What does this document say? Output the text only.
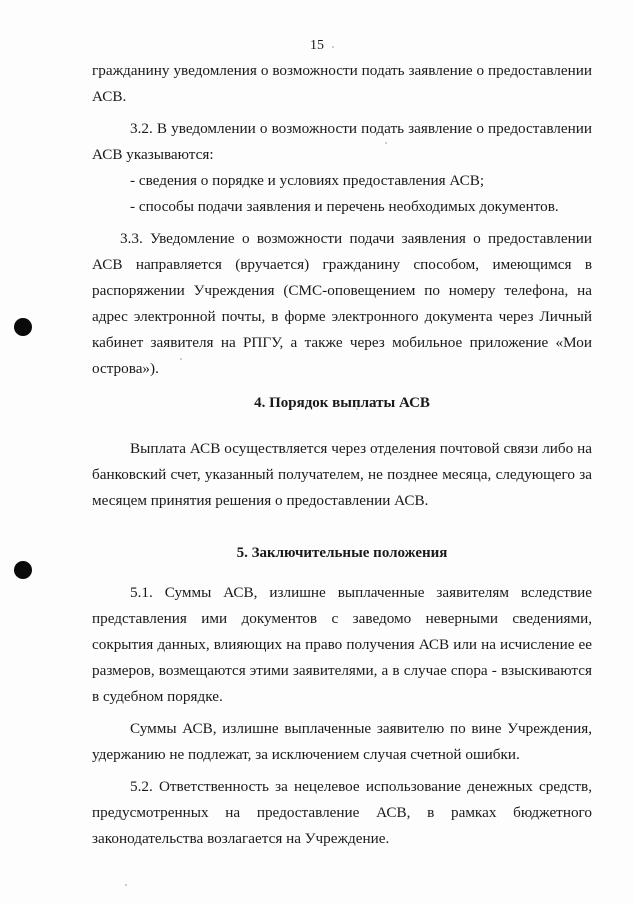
15

гражданину уведомления о возможности подать заявление о предоставлении АСВ.

3.2. В уведомлении о возможности подать заявление о предоставлении АСВ указываются:

- сведения о порядке и условиях предоставления АСВ;

- способы подачи заявления и перечень необходимых документов.

3.3. Уведомление о возможности подачи заявления о предоставлении АСВ направляется (вручается) гражданину способом, имеющимся в распоряжении Учреждения (СМС-оповещением по номеру телефона, на адрес электронной почты, в форме электронного документа через Личный кабинет заявителя на РПГУ, а также через мобильное приложение «Мои острова»).

4. Порядок выплаты АСВ

Выплата АСВ осуществляется через отделения почтовой связи либо на банковский счет, указанный получателем, не позднее месяца, следующего за месяцем принятия решения о предоставлении АСВ.

5. Заключительные положения

5.1. Суммы АСВ, излишне выплаченные заявителям вследствие представления ими документов с заведомо неверными сведениями, сокрытия данных, влияющих на право получения АСВ или на исчисление ее размеров, возмещаются этими заявителями, а в случае спора - взыскиваются в судебном порядке.

Суммы АСВ, излишне выплаченные заявителю по вине Учреждения, удержанию не подлежат, за исключением случая счетной ошибки.

5.2. Ответственность за нецелевое использование денежных средств, предусмотренных на предоставление АСВ, в рамках бюджетного законодательства возлагается на Учреждение.
